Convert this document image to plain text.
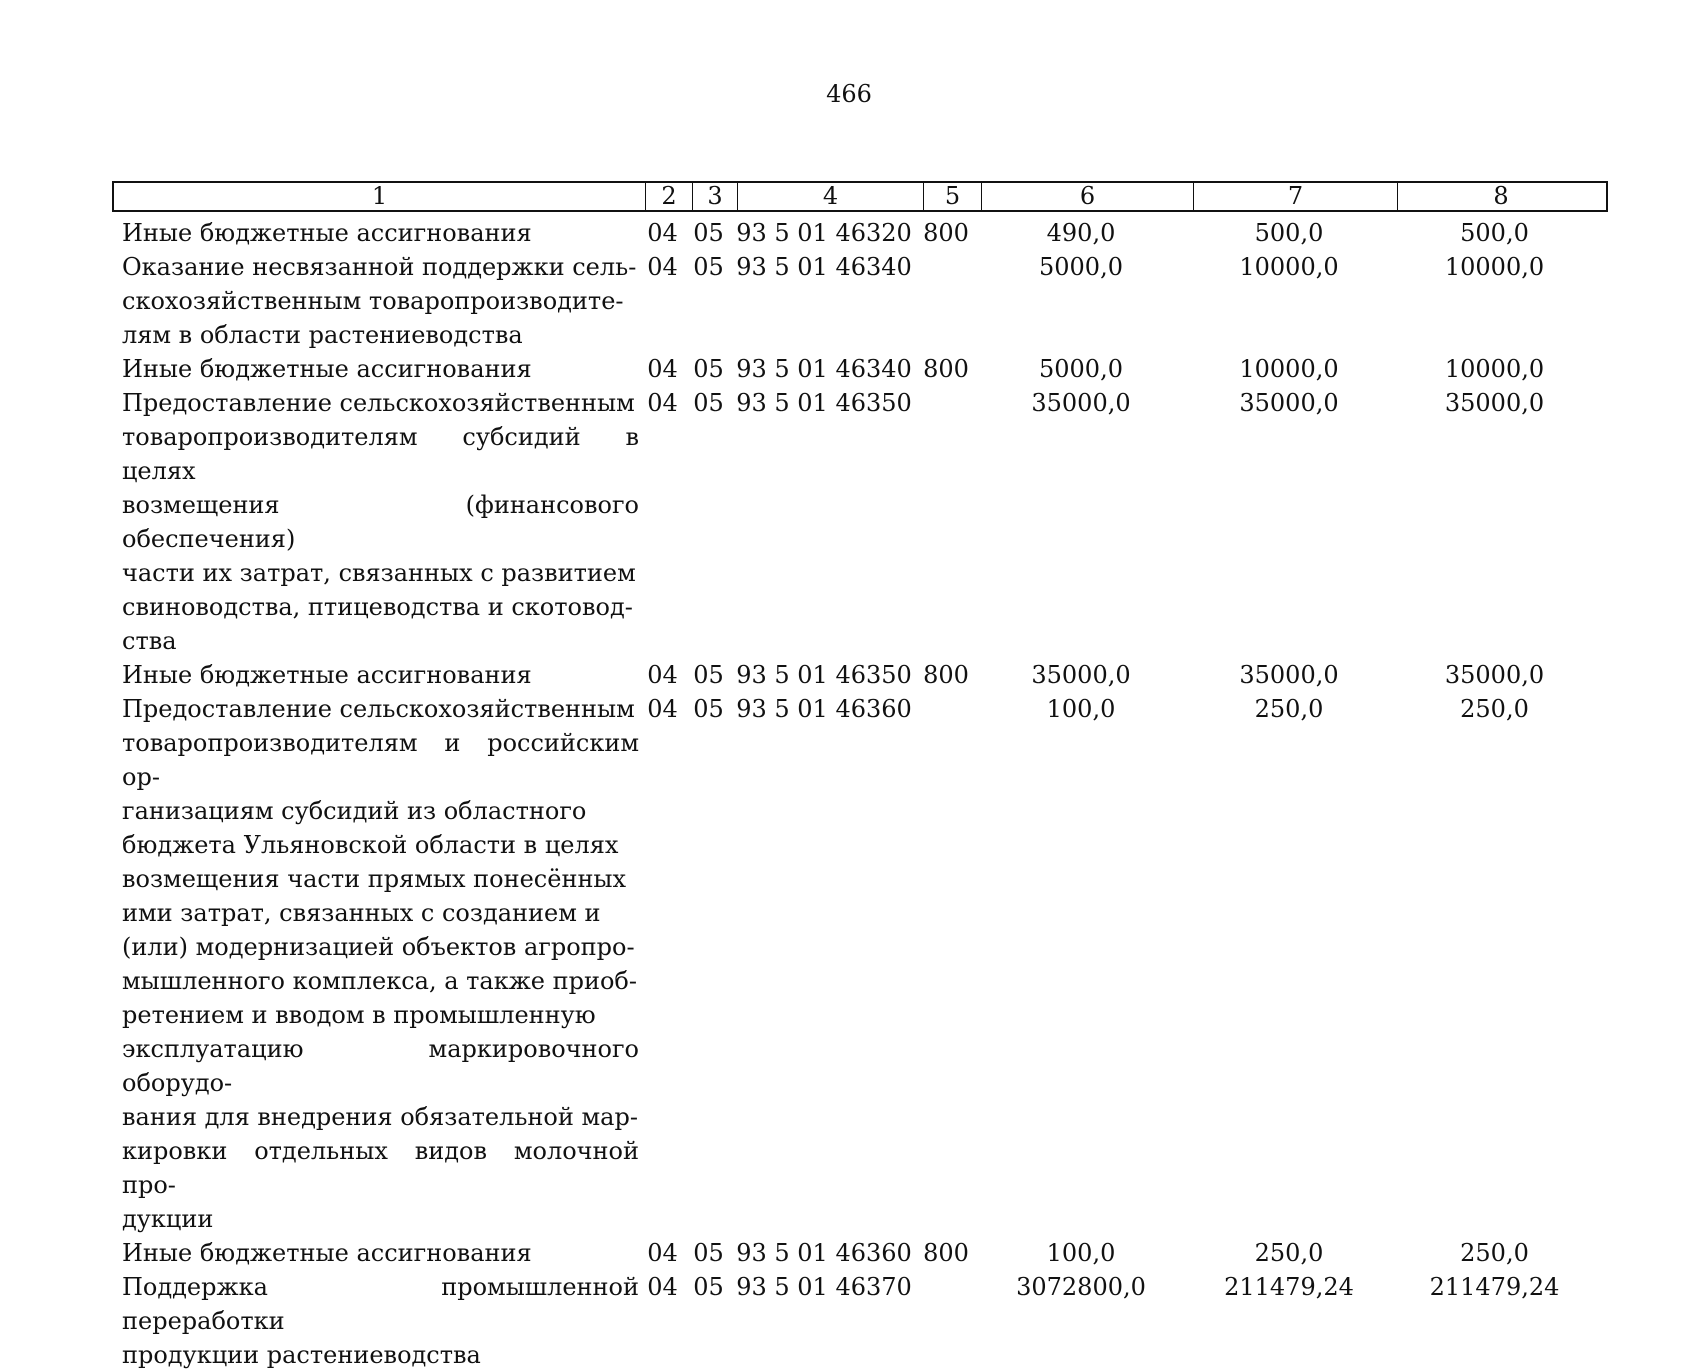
466
1	2	3	4	5	6	7	8
Иные бюджетные ассигнования	04 05 93 5 01 46320 800	490,0	500,0	500,0
Оказание несвязанной поддержки сель-
скохозяйственным товаропроизводите-
лям в области растениеводства
04 05 93 5 01 46340	5000,0	10000,0	10000,0
Иные бюджетные ассигнования	04 05 93 5 01 46340 800	5000,0	10000,0	10000,0
Предоставление сельскохозяйственным
товаропроизводителям субсидий в целях
возмещения (финансового обеспечения)
части их затрат, связанных с развитием
свиноводства, птицеводства и скотовод-
ства
04 05 93 5 01 46350	35000,0	35000,0	35000,0
Иные бюджетные ассигнования	04 05 93 5 01 46350 800	35000,0	35000,0	35000,0
Предоставление сельскохозяйственным
товаропроизводителям и российским ор-
ганизациям субсидий из областного
бюджета Ульяновской области в целях
возмещения части прямых понесённых
ими затрат, связанных с созданием и
(или) модернизацией объектов агропро-
мышленного комплекса, а также приоб-
ретением и вводом в промышленную
эксплуатацию маркировочного оборудо-
вания для внедрения обязательной мар-
кировки отдельных видов молочной про-
дукции
04 05 93 5 01 46360	100,0	250,0	250,0
Иные бюджетные ассигнования	04 05 93 5 01 46360 800	100,0	250,0	250,0
Поддержка промышленной переработки
продукции растениеводства
04 05 93 5 01 46370	3072800,0	211479,24	211479,24
